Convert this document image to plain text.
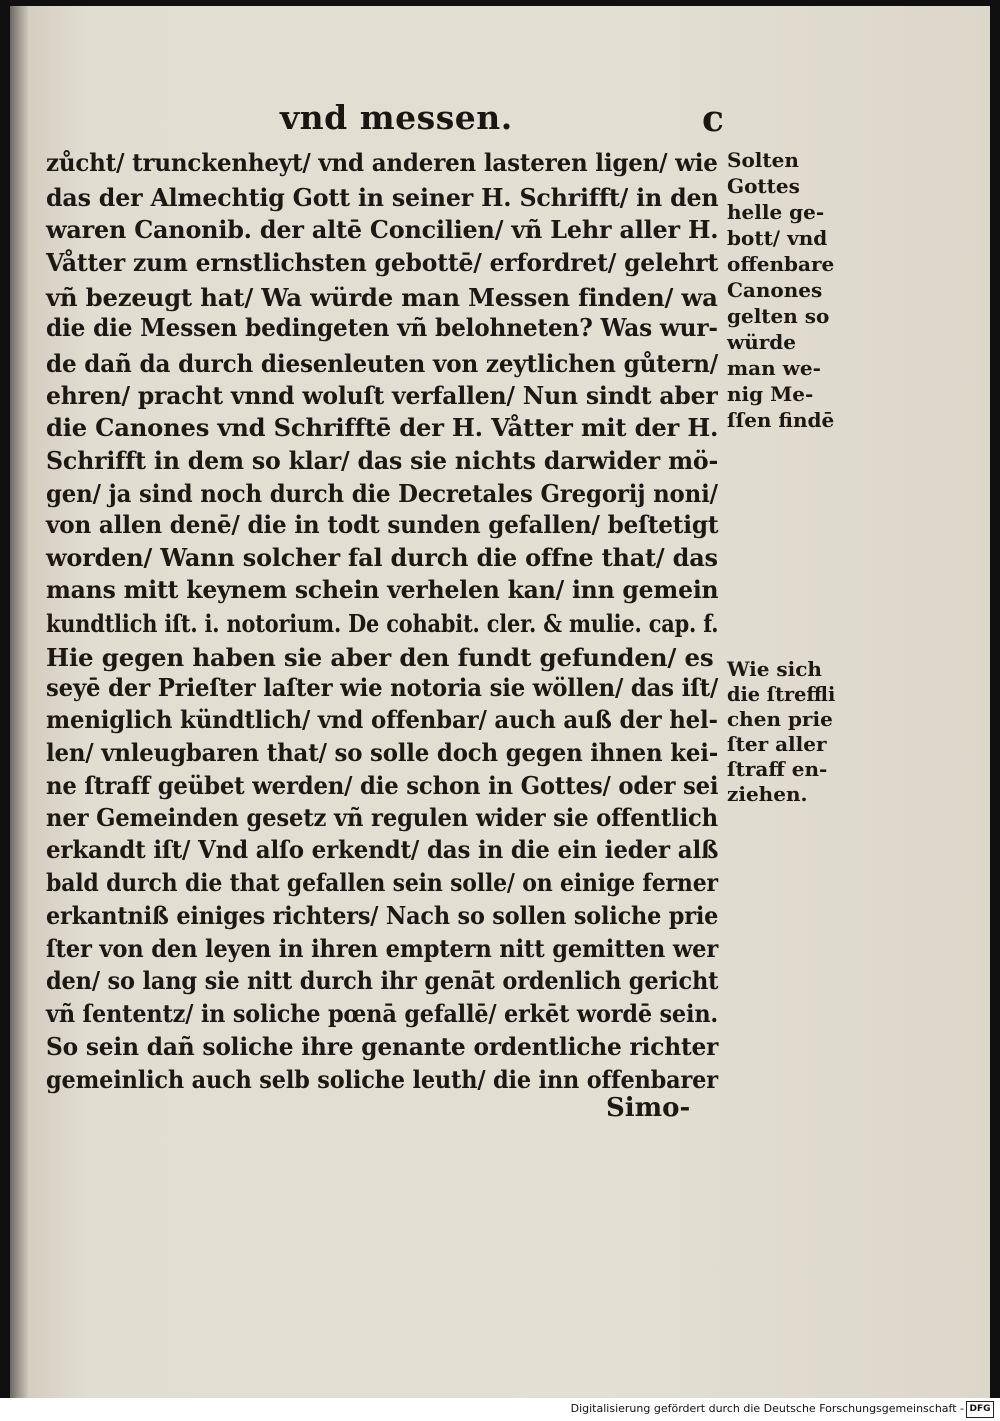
vnd messen.	c
zůcht/ trunckenheyt/ vnd anderen lasteren ligen/ wie
das der Almechtig Gott in seiner H. Schrifft/ in den
waren Canonib. der altē Concilien/ vñ Lehr aller H.
Våtter zum ernstlichsten gebottē/ erfordret/ gelehrt
vñ bezeugt hat/ Wa würde man Messen finden/ wa
die die Messen bedingeten vñ belohneten? Was wur-
de dañ da durch diesenleuten von zeytlichen gůtern/
ehren/ pracht vnnd woluſt verfallen/ Nun sindt aber
die Canones vnd Schrifftē der H. Våtter mit der H.
Schrifft in dem so klar/ das sie nichts darwider mö-
gen/ ja sind noch durch die Decretales Gregorij noni/
von allen denē/ die in todt sunden gefallen/ beſtetigt
worden/ Wann solcher fal durch die offne that/ das
mans mitt keynem schein verhelen kan/ inn gemein
kundtlich iſt. i. notorium. De cohabit. cler. & mulie. cap. f.
Hie gegen haben sie aber den fundt gefunden/ es
seyē der Prieſter laſter wie notoria sie wöllen/ das iſt/
meniglich kündtlich/ vnd offenbar/ auch auß der hel-
len/ vnleugbaren that/ so solle doch gegen ihnen kei-
ne ſtraff geübet werden/ die schon in Gottes/ oder sei
ner Gemeinden gesetz vñ regulen wider sie offentlich
erkandt iſt/ Vnd alſo erkendt/ das in die ein ieder alß
bald durch die that gefallen sein solle/ on einige ferner
erkantniß einiges richters/ Nach so sollen soliche prie
ſter von den leyen in ihren emptern nitt gemitten wer
den/ so lang sie nitt durch ihr genāt ordenlich gericht
vñ ſententz/ in soliche pœnā gefallē/ erkēt wordē sein.
So sein dañ soliche ihre genante ordentliche richter
gemeinlich auch selb soliche leuth/ die inn offenbarer
Solten
Gottes
helle ge-
bott/ vnd
offenbare
Canones
gelten so
würde
man we-
nig Me-
ſſen findē
Wie sich
die ſtreffli
chen prie
ſter aller
ſtraff en-
ziehen.
Simo-
Digitalisierung gefördert durch die Deutsche Forschungsgemeinschaft - DFG
